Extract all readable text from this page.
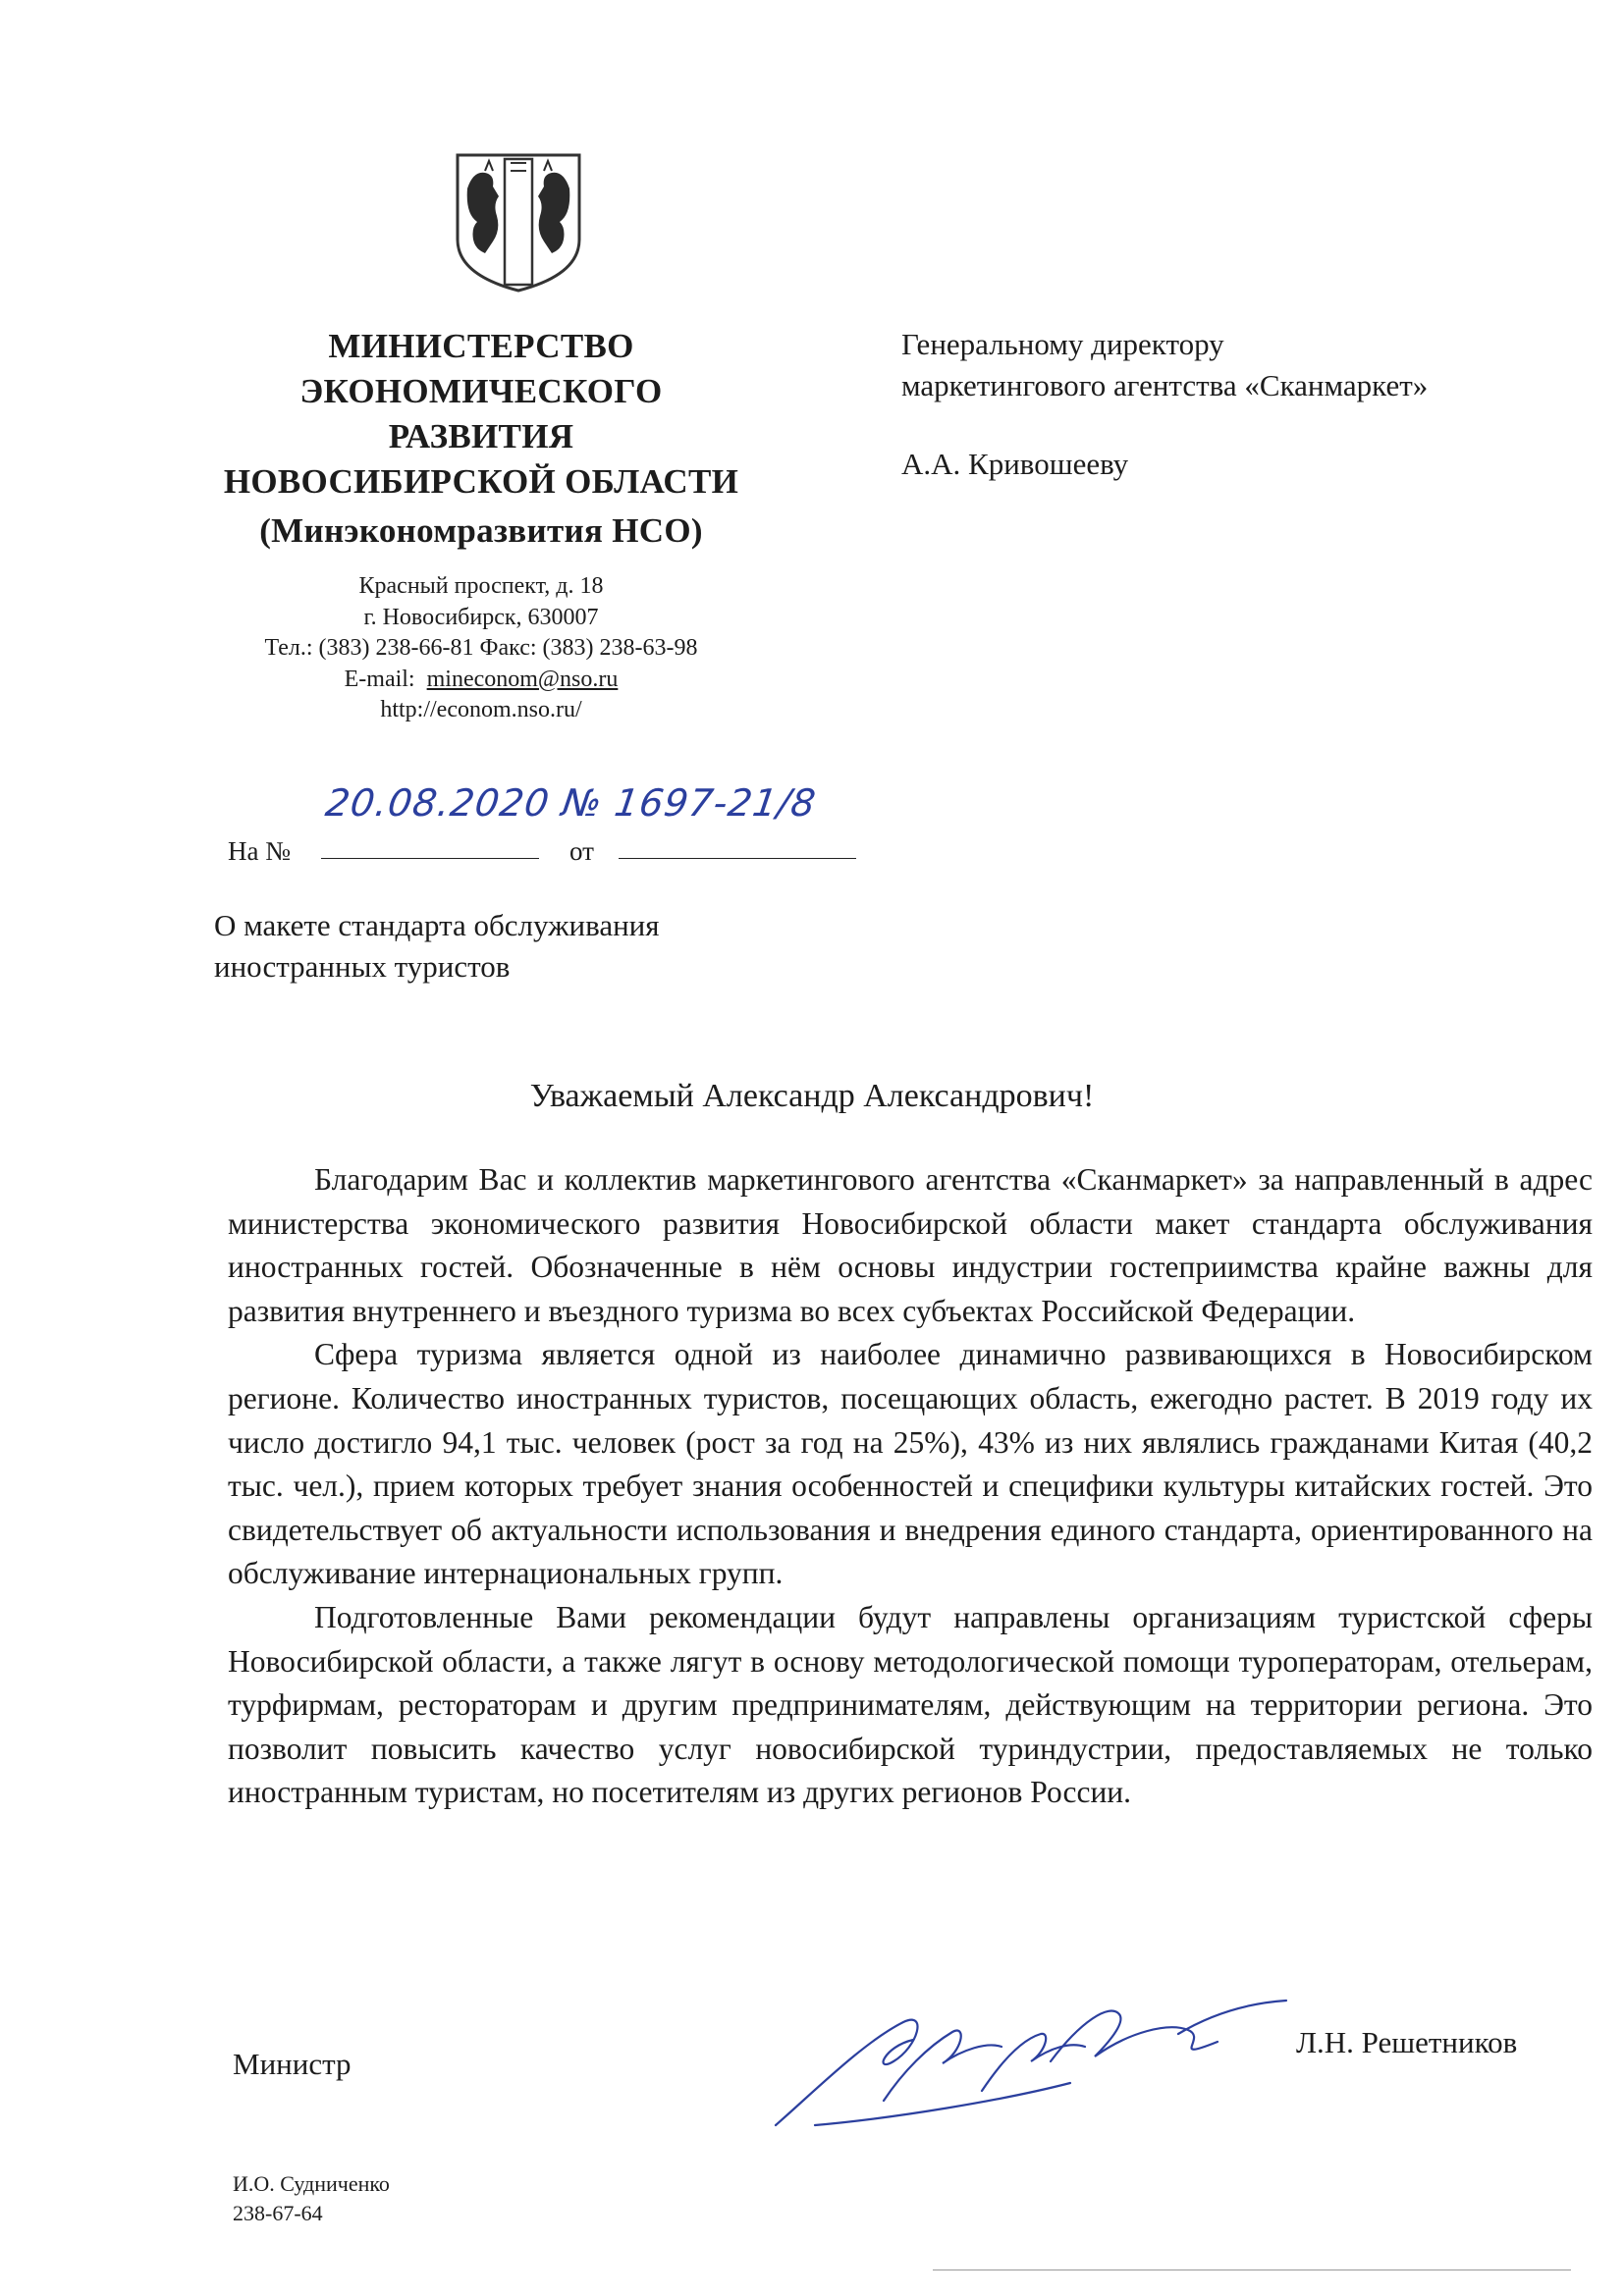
МИНИСТЕРСТВО
ЭКОНОМИЧЕСКОГО
РАЗВИТИЯ
НОВОСИБИРСКОЙ ОБЛАСТИ
(Минэкономразвития НСО)
Красный проспект, д. 18
г. Новосибирск, 630007
Тел.: (383) 238-66-81 Факс: (383) 238-63-98
E-mail: mineconom@nso.ru
http://econom.nso.ru/
Генеральному директору
маркетингового агентства «Сканмаркет»
А.А. Кривошееву
20.08.2020 № 1697-21/8
На №	от
О макете стандарта обслуживания
иностранных туристов
Уважаемый Александр Александрович!

Благодарим Вас и коллектив маркетингового агентства «Сканмаркет» за направленный в адрес министерства экономического развития Новосибирской области макет стандарта обслуживания иностранных гостей. Обозначенные в нём основы индустрии гостеприимства крайне важны для развития внутреннего и въездного туризма во всех субъектах Российской Федерации.

Сфера туризма является одной из наиболее динамично развивающихся в Новосибирском регионе. Количество иностранных туристов, посещающих область, ежегодно растет. В 2019 году их число достигло 94,1 тыс. человек (рост за год на 25%), 43% из них являлись гражданами Китая (40,2 тыс. чел.), прием которых требует знания особенностей и специфики культуры китайских гостей. Это свидетельствует об актуальности использования и внедрения единого стандарта, ориентированного на обслуживание интернациональных групп.

Подготовленные Вами рекомендации будут направлены организациям туристской сферы Новосибирской области, а также лягут в основу методологической помощи туроператорам, отельерам, турфирмам, рестораторам и другим предпринимателям, действующим на территории региона. Это позволит повысить качество услуг новосибирской туриндустрии, предоставляемых не только иностранным туристам, но посетителям из других регионов России.

Министр
Л.Н. Решетников
И.О. Судниченко
238-67-64
